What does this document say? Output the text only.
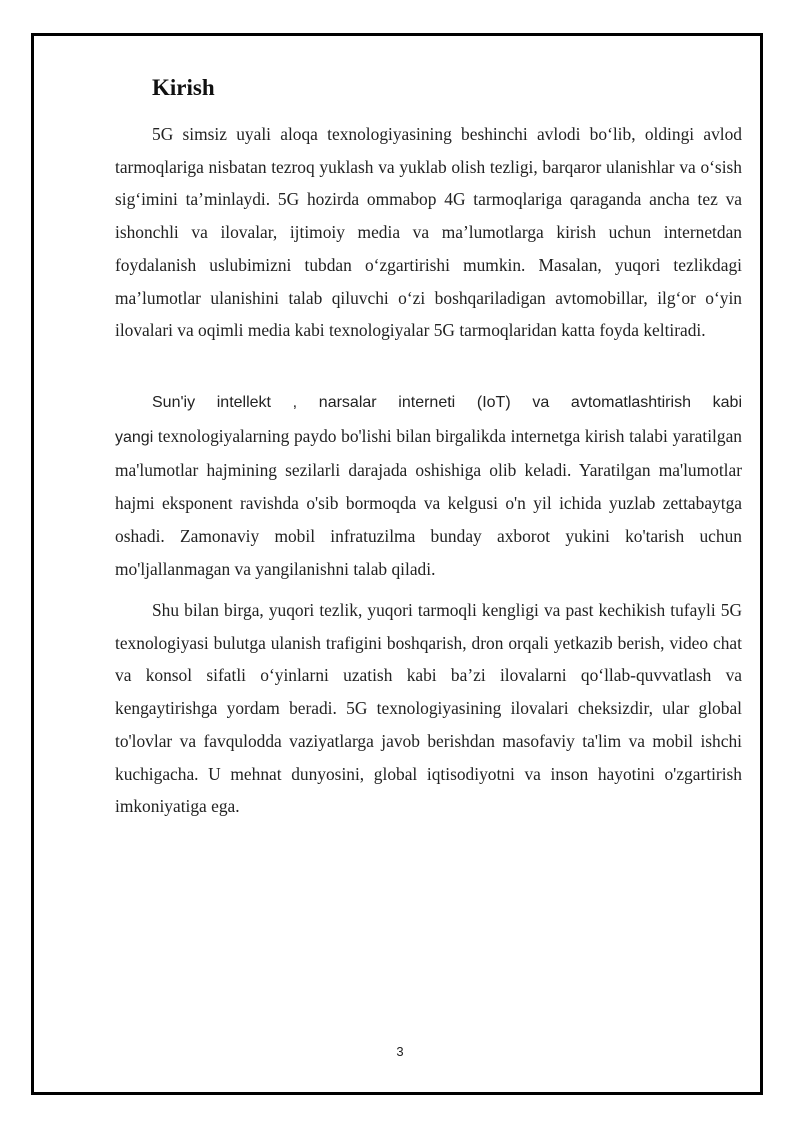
Kirish

5G simsiz uyali aloqa texnologiyasining beshinchi avlodi bo‘lib, oldingi avlod tarmoqlariga nisbatan tezroq yuklash va yuklab olish tezligi, barqaror ulanishlar va o‘sish sig‘imini ta’minlaydi. 5G hozirda ommabop 4G tarmoqlariga qaraganda ancha tez va ishonchli va ilovalar, ijtimoiy media va ma’lumotlarga kirish uchun internetdan foydalanish uslubimizni tubdan o‘zgartirishi mumkin. Masalan, yuqori tezlikdagi ma’lumotlar ulanishini talab qiluvchi o‘zi boshqariladigan avtomobillar, ilg‘or o‘yin ilovalari va oqimli media kabi texnologiyalar 5G tarmoqlaridan katta foyda keltiradi.

Sun'iy intellekt , narsalar interneti (IoT) va avtomatlashtirish kabi yangi texnologiyalarning paydo bo'lishi bilan birgalikda internetga kirish talabi yaratilgan ma'lumotlar hajmining sezilarli darajada oshishiga olib keladi. Yaratilgan ma'lumotlar hajmi eksponent ravishda o'sib bormoqda va kelgusi o'n yil ichida yuzlab zettabaytga oshadi. Zamonaviy mobil infratuzilma bunday axborot yukini ko'tarish uchun mo'ljallanmagan va yangilanishni talab qiladi.

Shu bilan birga, yuqori tezlik, yuqori tarmoqli kengligi va past kechikish tufayli 5G texnologiyasi bulutga ulanish trafigini boshqarish, dron orqali yetkazib berish, video chat va konsol sifatli o‘yinlarni uzatish kabi ba’zi ilovalarni qo‘llab-quvvatlash va kengaytirishga yordam beradi. 5G texnologiyasining ilovalari cheksizdir, ular global to'lovlar va favqulodda vaziyatlarga javob berishdan masofaviy ta'lim va mobil ishchi kuchigacha. U mehnat dunyosini, global iqtisodiyotni va inson hayotini o'zgartirish imkoniyatiga ega.

3
